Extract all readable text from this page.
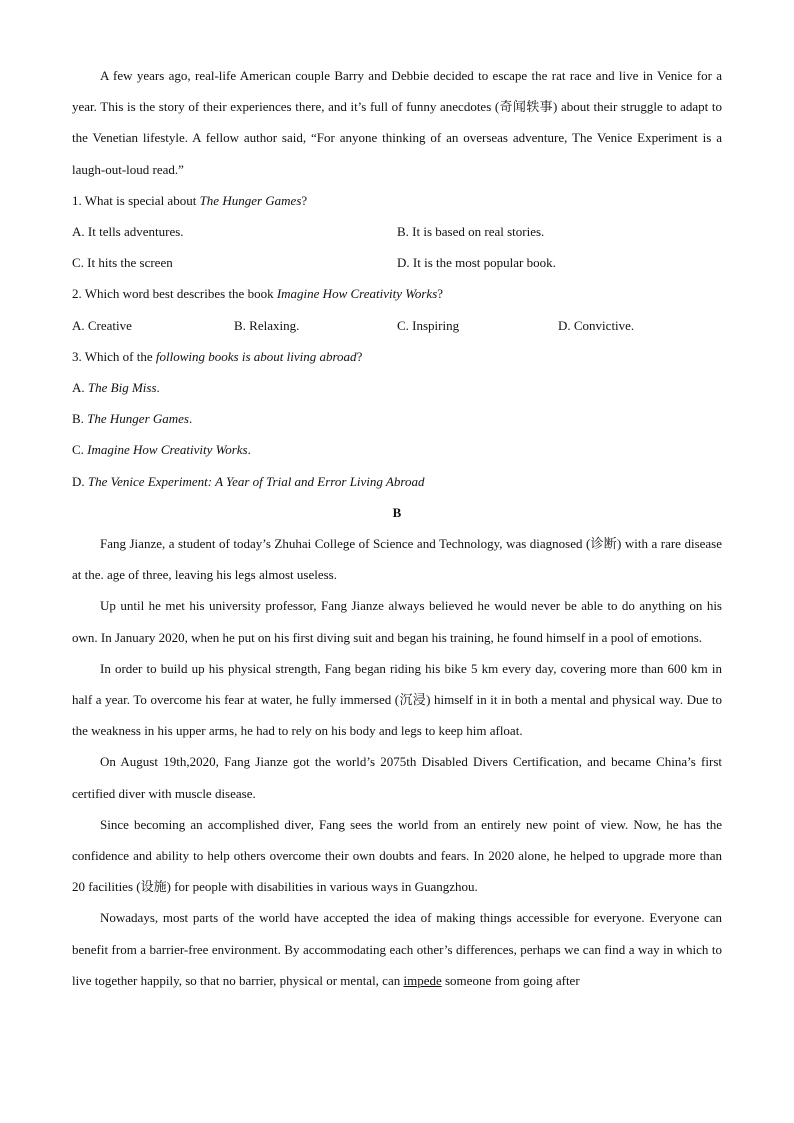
A few years ago, real-life American couple Barry and Debbie decided to escape the rat race and live in Venice for a year. This is the story of their experiences there, and it’s full of funny anecdotes (奇闻轶事) about their struggle to adapt to the Venetian lifestyle. A fellow author said, “For anyone thinking of an overseas adventure, The Venice Experiment is a laugh-out-loud read.”

1. What is special about The Hunger Games?

A. It tells adventures.	B. It is based on real stories.
C. It hits the screen	D. It is the most popular book.

2. Which word best describes the book Imagine How Creativity Works?

A. Creative	B. Relaxing.	C. Inspiring	D. Convictive.

3. Which of the following books is about living abroad?

A. The Big Miss.

B. The Hunger Games.

C. Imagine How Creativity Works.

D. The Venice Experiment: A Year of Trial and Error Living Abroad

B

Fang Jianze, a student of today’s Zhuhai College of Science and Technology, was diagnosed (诊断) with a rare disease at the. age of three, leaving his legs almost useless.

Up until he met his university professor, Fang Jianze always believed he would never be able to do anything on his own. In January 2020, when he put on his first diving suit and began his training, he found himself in a pool of emotions.

In order to build up his physical strength, Fang began riding his bike 5 km every day, covering more than 600 km in half a year. To overcome his fear at water, he fully immersed (沉浸) himself in it in both a mental and physical way. Due to the weakness in his upper arms, he had to rely on his body and legs to keep him afloat.

On August 19th,2020, Fang Jianze got the world’s 2075th Disabled Divers Certification, and became China’s first certified diver with muscle disease.

Since becoming an accomplished diver, Fang sees the world from an entirely new point of view. Now, he has the confidence and ability to help others overcome their own doubts and fears. In 2020 alone, he helped to upgrade more than 20 facilities (设施) for people with disabilities in various ways in Guangzhou.

Nowadays, most parts of the world have accepted the idea of making things accessible for everyone. Everyone can benefit from a barrier-free environment. By accommodating each other’s differences, perhaps we can find a way in which to live together happily, so that no barrier, physical or mental, can impede someone from going after
